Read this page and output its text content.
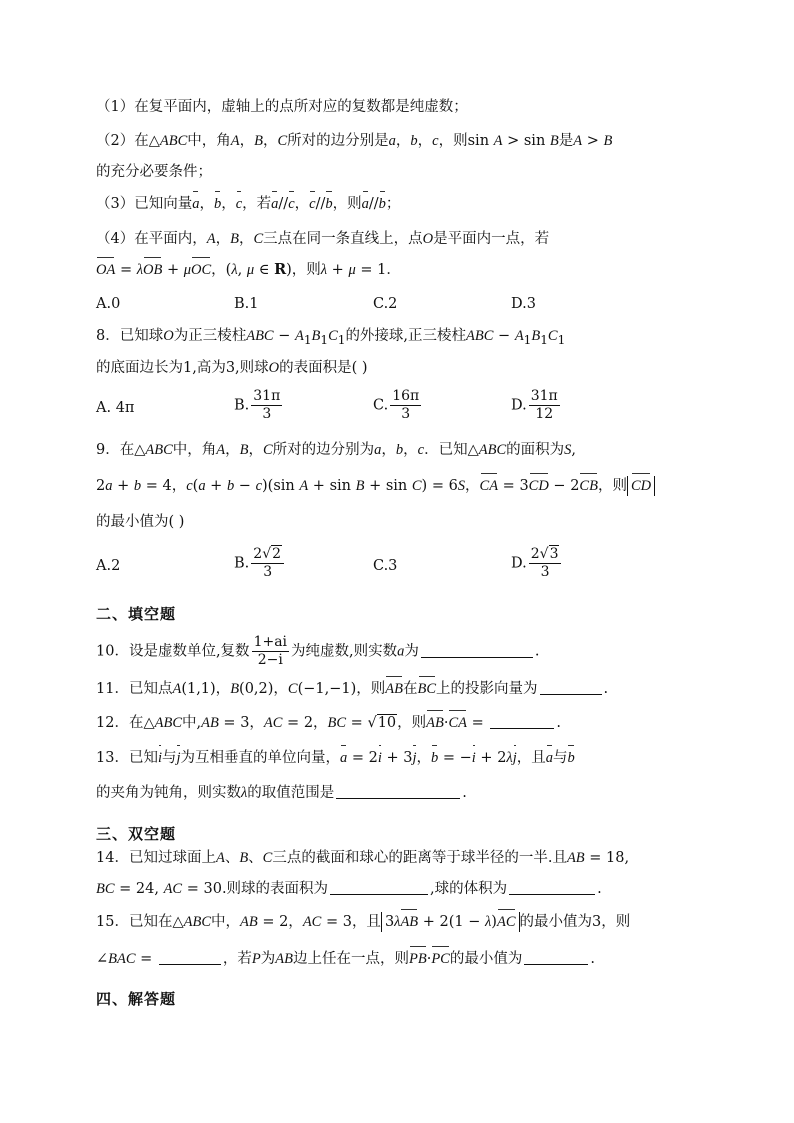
（1）在复平面内，虚轴上的点所对应的复数都是纯虚数；
（2）在△ABC中，角A，B，C所对的边分别是a，b，c，则sin A > sin B是A > B
的充分必要条件；
（3）已知向量a，b，c，若a//c，c//b，则a//b；
（4）在平面内，A，B，C三点在同一条直线上，点O是平面内一点，若
OA = λOB + μOC，(λ, μ ∈ R)，则λ + μ = 1．
A.0	B.1	C.2	D.3
8．已知球O为正三棱柱ABC − $A_1B_1C_1$的外接球,正三棱柱ABC − $A_1B_1C_1$
的底面边长为1,高为3,则球O的表面积是( )
A. 4π	B. $\frac{31\pi}{3}$	C. $\frac{16\pi}{3}$	D. $\frac{31\pi}{12}$
9．在△ABC中，角A，B，C所对的边分别为a，b，c．已知△ABC的面积为S,
2a + b = 4，c(a + b − c)(sin A + sin B + sin C) = 6S，CA = 3CD − 2CB，则 CD
的最小值为( )
A.2	B. $\frac{2√2}{3}$	C.3	D. $\frac{2√3}{3}$
二、填空题
10．设是虚数单位,复数 $\frac{1+ai}{2-i}$ 为纯虚数,则实数a为	.
11．已知点A(1,1)，B(0,2)，C(−1,−1)，则AB在BC上的投影向量为	.
12．在△ABC中,AB = 3，AC = 2，BC = √10，则AB·CA =	.
13．已知i与j为互相垂直的单位向量，a = 2i + 3j，b = −i + 2λj，且a与b
的夹角为钝角，则实数λ的取值范围是	.
三、双空题
14．已知过球面上A、B、C三点的截面和球心的距离等于球半径的一半.且AB = 18,
BC = 24, AC = 30.则球的表面积为	,球的体积为	.
15．已知在△ABC中，AB = 2，AC = 3，且 3λAB + 2(1 − λ)AC 的最小值为3，则
∠BAC =	，若P为AB边上任在一点，则PB·PC的最小值为	.
四、解答题
